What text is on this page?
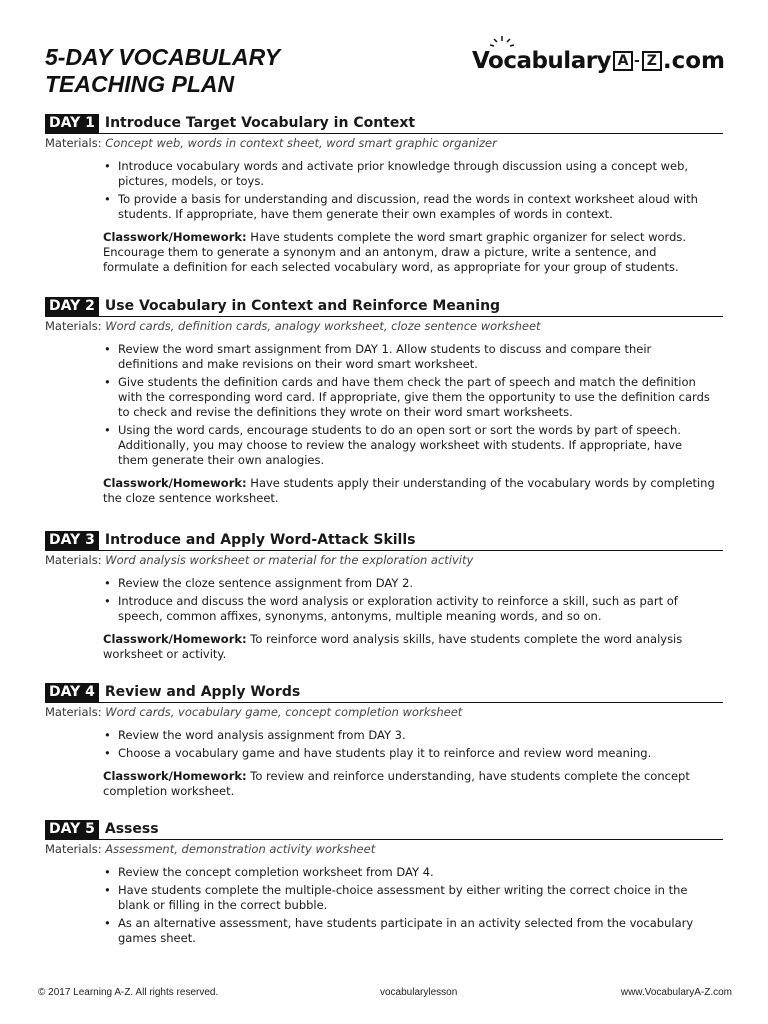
5-DAY VOCABULARY
TEACHING PLAN
Vocabulary A - Z .com
DAY 1 Introduce Target Vocabulary in Context
Materials: Concept web, words in context sheet, word smart graphic organizer
• Introduce vocabulary words and activate prior knowledge through discussion using a concept web, pictures, models, or toys.
• To provide a basis for understanding and discussion, read the words in context worksheet aloud with students. If appropriate, have them generate their own examples of words in context.
Classwork/Homework: Have students complete the word smart graphic organizer for select words. Encourage them to generate a synonym and an antonym, draw a picture, write a sentence, and formulate a definition for each selected vocabulary word, as appropriate for your group of students.
DAY 2 Use Vocabulary in Context and Reinforce Meaning
Materials: Word cards, definition cards, analogy worksheet, cloze sentence worksheet
• Review the word smart assignment from DAY 1. Allow students to discuss and compare their definitions and make revisions on their word smart worksheet.
• Give students the definition cards and have them check the part of speech and match the definition with the corresponding word card. If appropriate, give them the opportunity to use the definition cards to check and revise the definitions they wrote on their word smart worksheets.
• Using the word cards, encourage students to do an open sort or sort the words by part of speech. Additionally, you may choose to review the analogy worksheet with students. If appropriate, have them generate their own analogies.
Classwork/Homework: Have students apply their understanding of the vocabulary words by completing the cloze sentence worksheet.
DAY 3 Introduce and Apply Word-Attack Skills
Materials: Word analysis worksheet or material for the exploration activity
• Review the cloze sentence assignment from DAY 2.
• Introduce and discuss the word analysis or exploration activity to reinforce a skill, such as part of speech, common affixes, synonyms, antonyms, multiple meaning words, and so on.
Classwork/Homework: To reinforce word analysis skills, have students complete the word analysis worksheet or activity.
DAY 4 Review and Apply Words
Materials: Word cards, vocabulary game, concept completion worksheet
• Review the word analysis assignment from DAY 3.
• Choose a vocabulary game and have students play it to reinforce and review word meaning.
Classwork/Homework: To review and reinforce understanding, have students complete the concept completion worksheet.
DAY 5 Assess
Materials: Assessment, demonstration activity worksheet
• Review the concept completion worksheet from DAY 4.
• Have students complete the multiple-choice assessment by either writing the correct choice in the blank or filling in the correct bubble.
• As an alternative assessment, have students participate in an activity selected from the vocabulary games sheet.
© 2017 Learning A-Z. All rights reserved.	vocabularylesson	www.VocabularyA-Z.com
